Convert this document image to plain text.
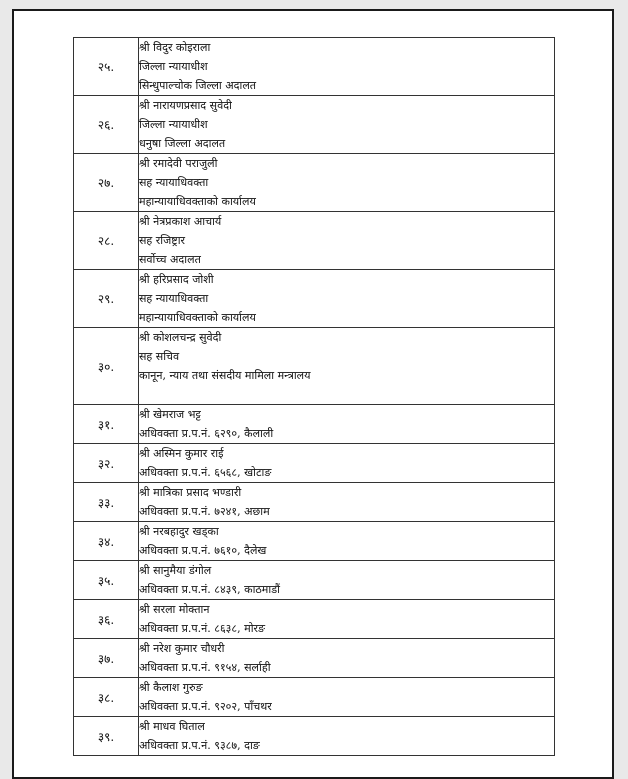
२५.	श्री विदुर कोइराला
जिल्ला न्यायाधीश
सिन्धुपाल्चोक जिल्ला अदालत

२६.	श्री नारायणप्रसाद सुवेदी
जिल्ला न्यायाधीश
धनुषा जिल्ला अदालत

२७.	श्री रमादेवी पराजुली
सह न्यायाधिवक्ता
महान्यायाधिवक्ताको कार्यालय

२८.	श्री नेत्रप्रकाश आचार्य
सह रजिष्ट्रार
सर्वोच्च अदालत

२९.	श्री हरिप्रसाद जोशी
सह न्यायाधिवक्ता
महान्यायाधिवक्ताको कार्यालय

३०.	श्री कोशलचन्द्र सुवेदी
सह सचिव
कानून, न्याय तथा संसदीय मामिला मन्त्रालय

३१.	श्री खेमराज भट्ट
अधिवक्ता प्र.प.नं. ६२९०, कैलाली

३२.	श्री अस्मिन कुमार राई
अधिवक्ता प्र.प.नं. ६५६८, खोटाङ

३३.	श्री मात्रिका प्रसाद भण्डारी
अधिवक्ता प्र.प.नं. ७२४१, अछाम

३४.	श्री नरबहादुर खड्का
अधिवक्ता प्र.प.नं. ७६१०, दैलेख

३५.	श्री सानुमैया डंगोल
अधिवक्ता प्र.प.नं. ८४३९, काठमाडौं

३६.	श्री सरला मोक्तान
अधिवक्ता प्र.प.नं. ८६३८, मोरङ

३७.	श्री नरेश कुमार चौधरी
अधिवक्ता प्र.प.नं. ९१५४, सर्लाही

३८.	श्री कैलाश गुरुङ
अधिवक्ता प्र.प.नं. ९२०२, पाँचथर

३९.	श्री माधव घिताल
अधिवक्ता प्र.प.नं. ९३८७, दाङ
